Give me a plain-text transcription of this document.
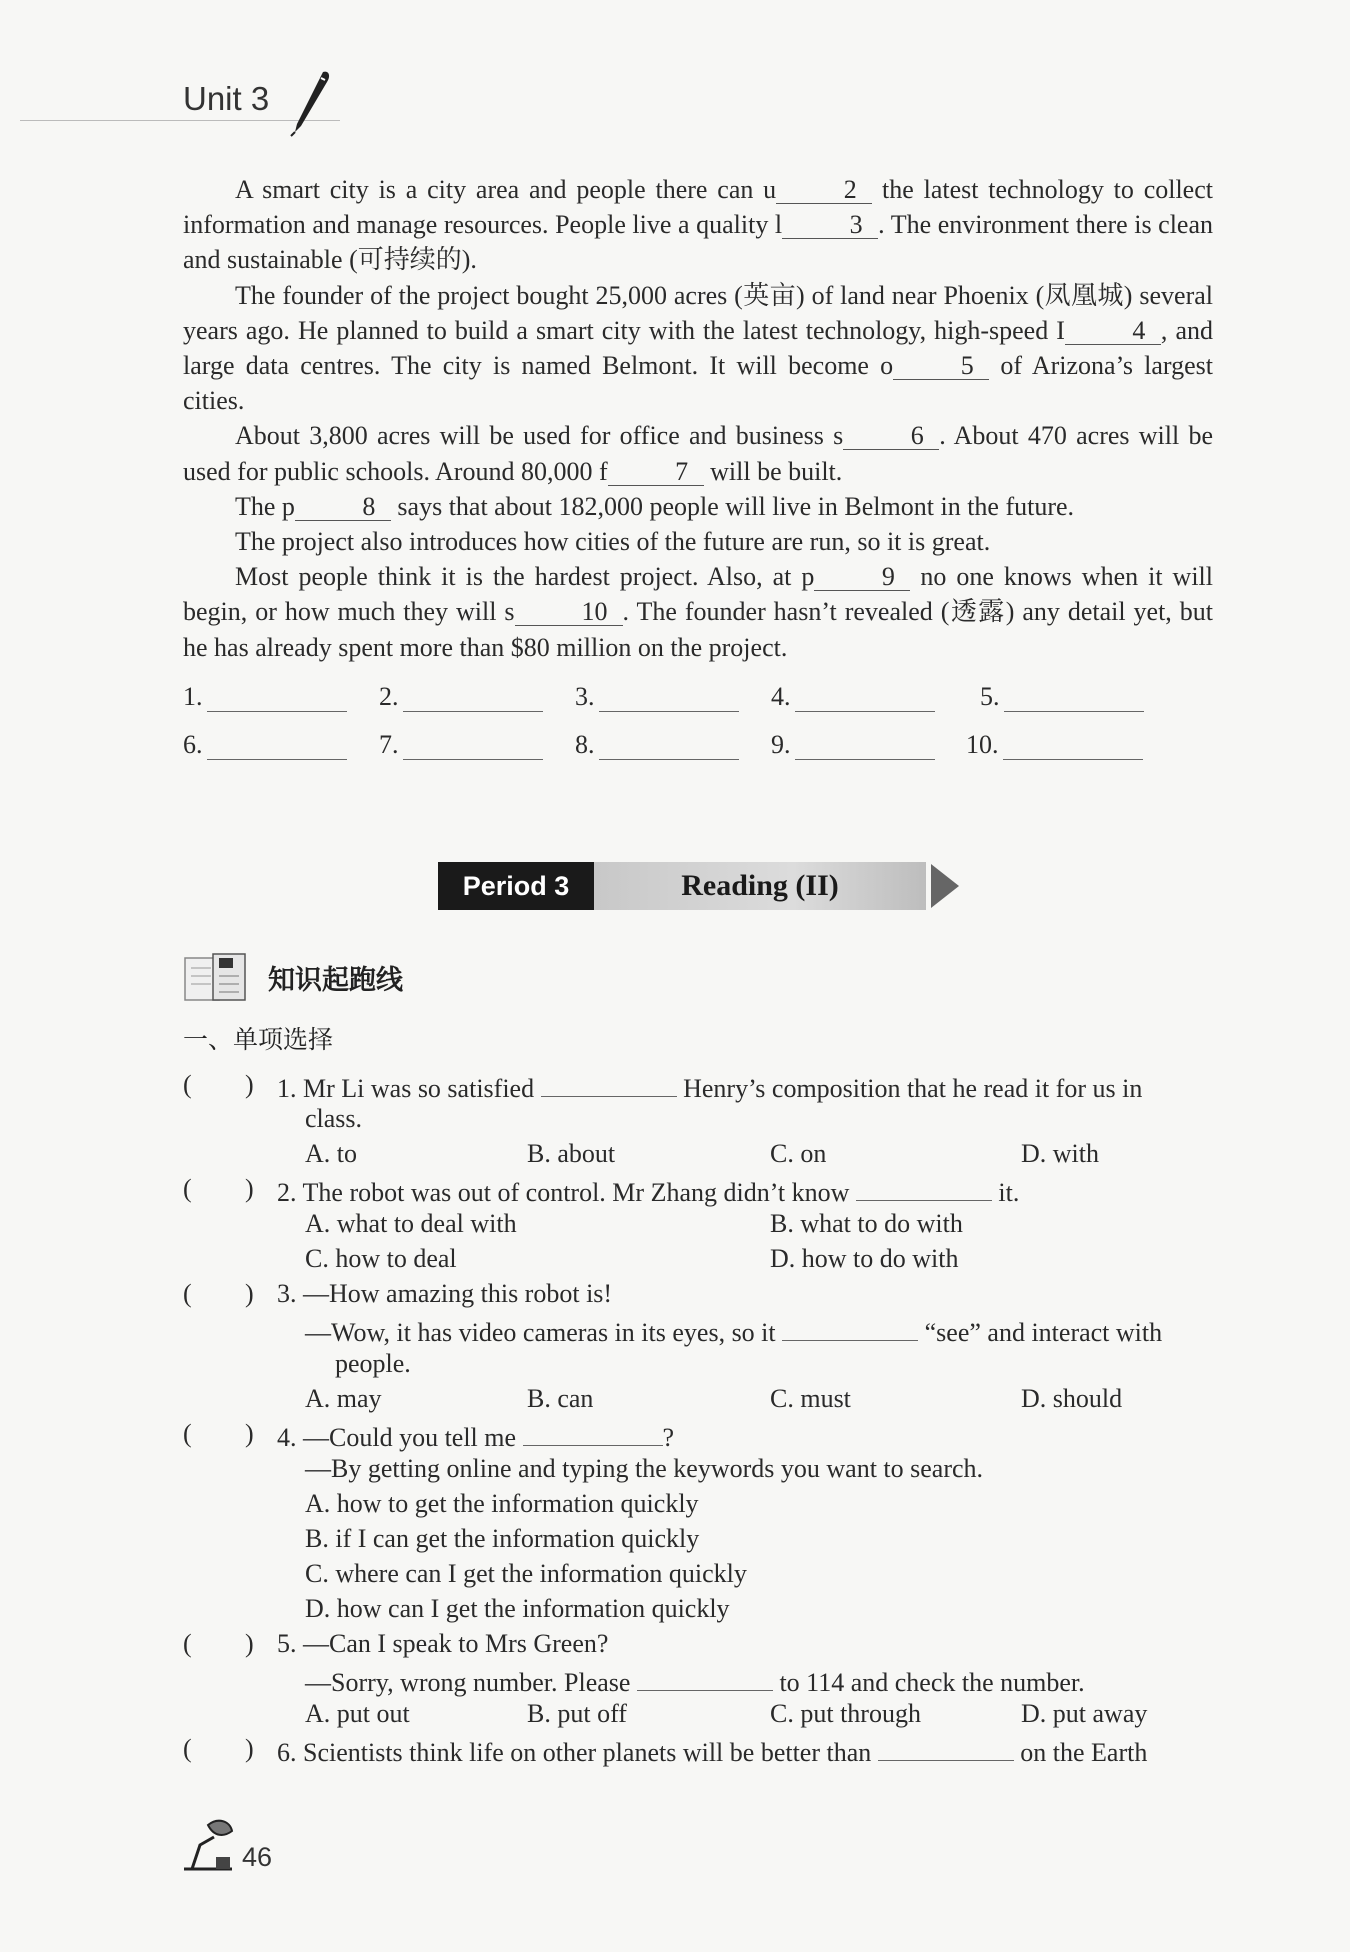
Unit 3

A smart city is a city area and people there can u	2 the latest technology to collect information and manage resources. People live a quality l	3 . The environment there is clean and sustainable (可持续的).

The founder of the project bought 25,000 acres (英亩) of land near Phoenix (凤凰城) several years ago. He planned to build a smart city with the latest technology, high-speed I	4 , and large data centres. The city is named Belmont. It will become o	5 of Arizona’s largest cities.

About 3,800 acres will be used for office and business s	6 . About 470 acres will be used for public schools. Around 80,000 f	7 will be built.

The p	8 says that about 182,000 people will live in Belmont in the future.

The project also introduces how cities of the future are run, so it is great.

Most people think it is the hardest project. Also, at p	9 no one knows when it will begin, or how much they will s	10 . The founder hasn’t revealed (透露) any detail yet, but he has already spent more than $80 million on the project.

1.	2.	3.	4.	5.
6.	7.	8.	9.	10.
Period 3	Reading (II)
知识起跑线
一、单项选择
( ) 1. Mr Li was so satisfied	Henry’s composition that he read it for us in
class.
A. to	B. about	C. on	D. with
( ) 2. The robot was out of control. Mr Zhang didn’t know	it.
A. what to deal with	B. what to do with
C. how to deal	D. how to do with
( ) 3. —How amazing this robot is!
—Wow, it has video cameras in its eyes, so it	“see” and interact with
people.
A. may	B. can	C. must	D. should
( ) 4. —Could you tell me	?
—By getting online and typing the keywords you want to search.
A. how to get the information quickly
B. if I can get the information quickly
C. where can I get the information quickly
D. how can I get the information quickly
( ) 5. —Can I speak to Mrs Green?
—Sorry, wrong number. Please	to 114 and check the number.
A. put out	B. put off	C. put through	D. put away
( ) 6. Scientists think life on other planets will be better than	on the Earth
46
